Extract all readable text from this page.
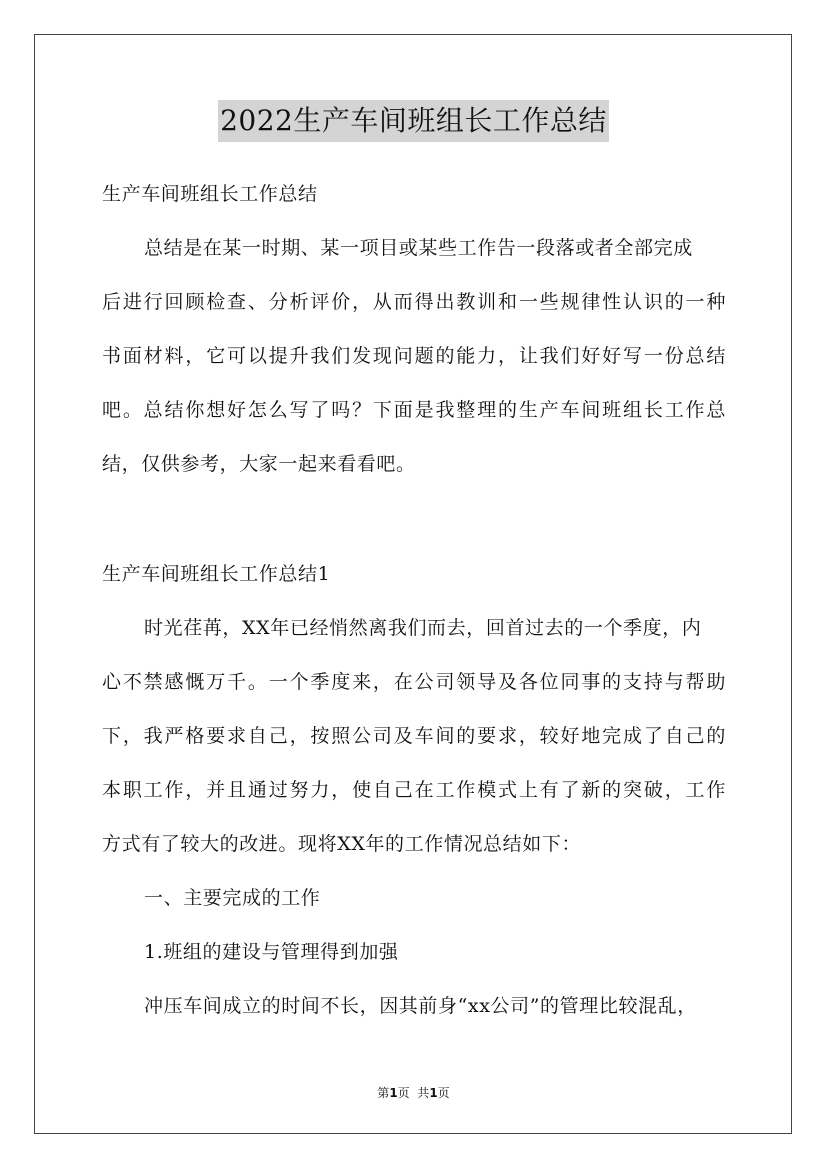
2022生产车间班组长工作总结
生产车间班组长工作总结
总结是在某一时期、某一项目或某些工作告一段落或者全部完成
后进行回顾检查、分析评价，从而得出教训和一些规律性认识的一种
书面材料，它可以提升我们发现问题的能力，让我们好好写一份总结
吧。总结你想好怎么写了吗？下面是我整理的生产车间班组长工作总
结，仅供参考，大家一起来看看吧。
生产车间班组长工作总结1
时光荏苒，XX年已经悄然离我们而去，回首过去的一个季度，内
心不禁感慨万千。一个季度来，在公司领导及各位同事的支持与帮助
下，我严格要求自己，按照公司及车间的要求，较好地完成了自己的
本职工作，并且通过努力，使自己在工作模式上有了新的突破，工作
方式有了较大的改进。现将XX年的工作情况总结如下：
一、主要完成的工作
1.班组的建设与管理得到加强
冲压车间成立的时间不长，因其前身“xx公司”的管理比较混乱，
第1页  共1页
